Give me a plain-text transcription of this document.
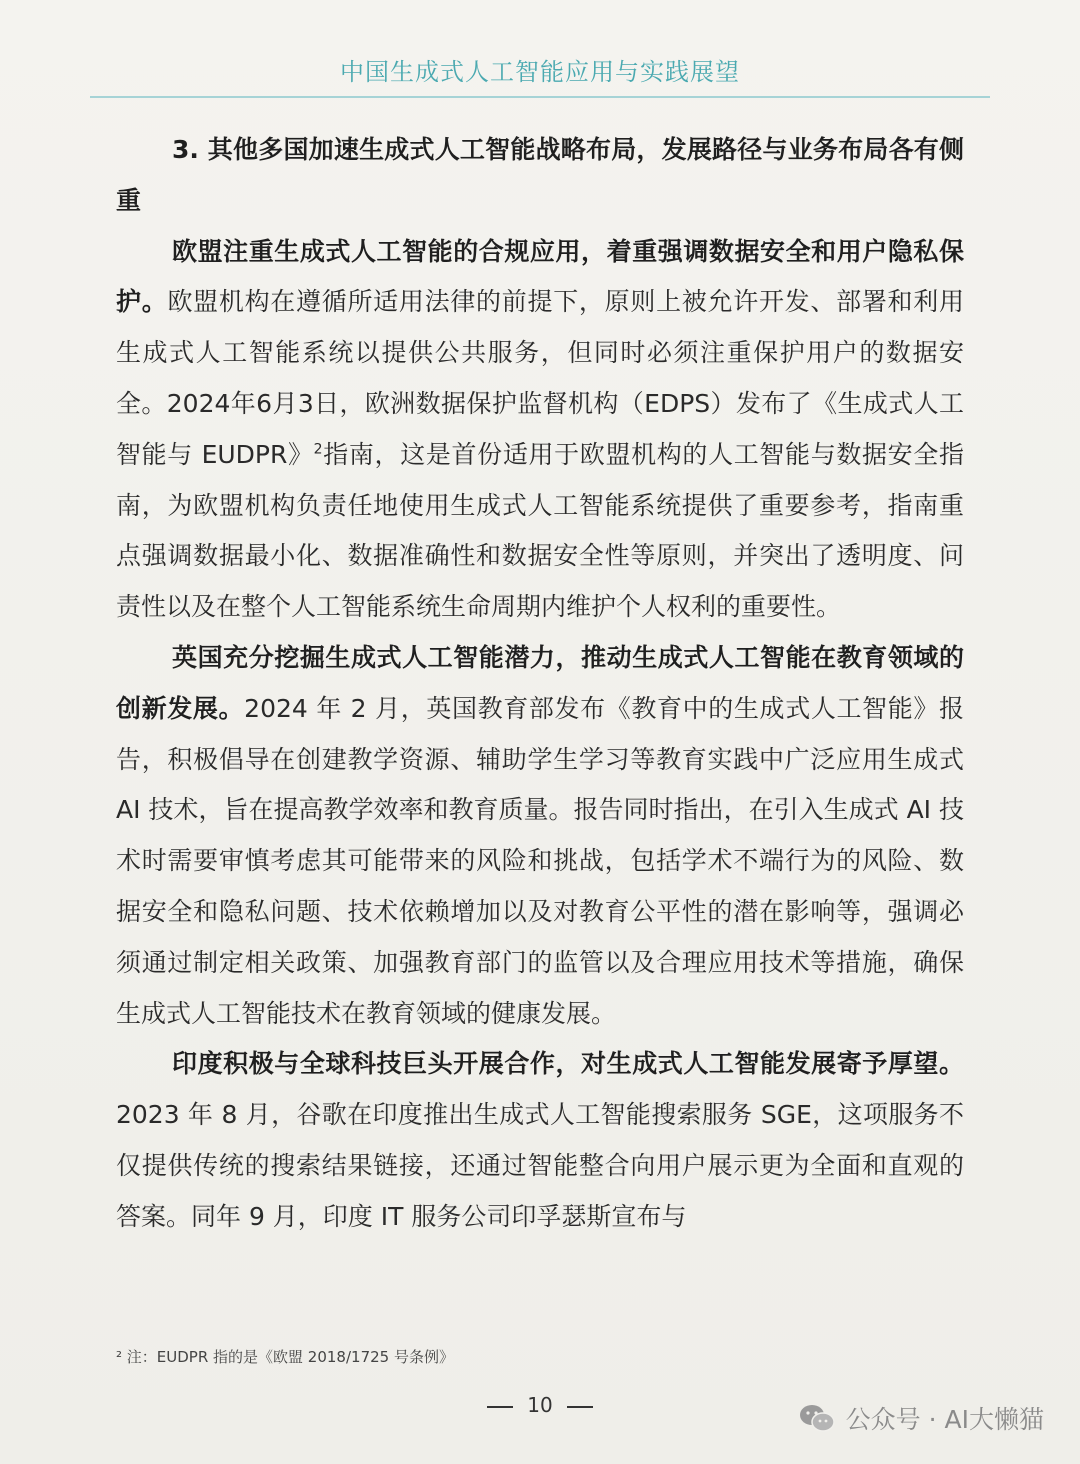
中国生成式人工智能应用与实践展望

3. 其他多国加速生成式人工智能战略布局，发展路径与业务布局各有侧重

欧盟注重生成式人工智能的合规应用，着重强调数据安全和用户隐私保护。欧盟机构在遵循所适用法律的前提下，原则上被允许开发、部署和利用生成式人工智能系统以提供公共服务，但同时必须注重保护用户的数据安全。2024年6月3日，欧洲数据保护监督机构（EDPS）发布了《生成式人工智能与 EUDPR》$^2$指南，这是首份适用于欧盟机构的人工智能与数据安全指南，为欧盟机构负责任地使用生成式人工智能系统提供了重要参考，指南重点强调数据最小化、数据准确性和数据安全性等原则，并突出了透明度、问责性以及在整个人工智能系统生命周期内维护个人权利的重要性。

英国充分挖掘生成式人工智能潜力，推动生成式人工智能在教育领域的创新发展。2024 年 2 月，英国教育部发布《教育中的生成式人工智能》报告，积极倡导在创建教学资源、辅助学生学习等教育实践中广泛应用生成式 AI 技术，旨在提高教学效率和教育质量。报告同时指出，在引入生成式 AI 技术时需要审慎考虑其可能带来的风险和挑战，包括学术不端行为的风险、数据安全和隐私问题、技术依赖增加以及对教育公平性的潜在影响等，强调必须通过制定相关政策、加强教育部门的监管以及合理应用技术等措施，确保生成式人工智能技术在教育领域的健康发展。

印度积极与全球科技巨头开展合作，对生成式人工智能发展寄予厚望。2023 年 8 月，谷歌在印度推出生成式人工智能搜索服务 SGE，这项服务不仅提供传统的搜索结果链接，还通过智能整合向用户展示更为全面和直观的答案。同年 9 月，印度 IT 服务公司印孚瑟斯宣布与

² 注：EUDPR 指的是《欧盟 2018/1725 号条例》
10	公众号 · AI大懒猫
